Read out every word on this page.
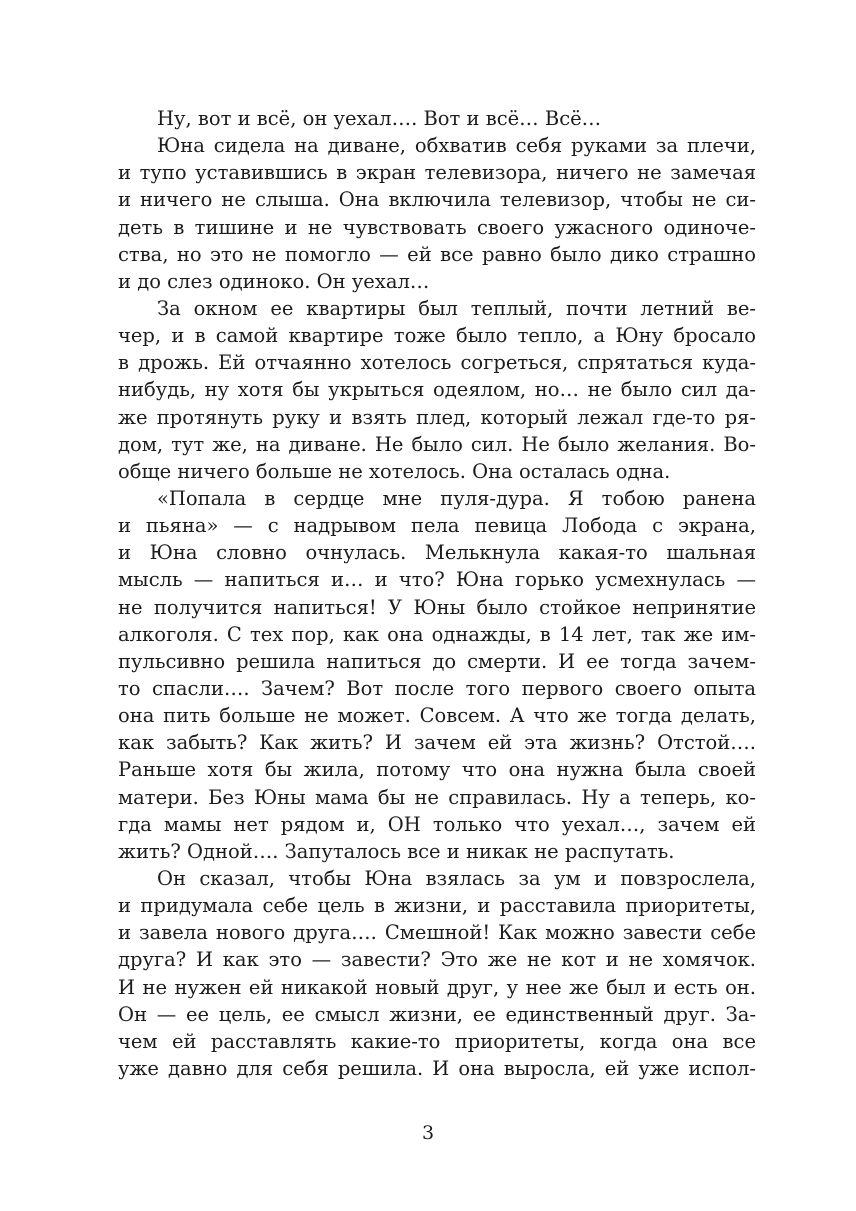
Ну, вот и всё, он уехал…. Вот и всё… Всё…
Юна сидела на диване, обхватив себя руками за плечи,
и тупо уставившись в экран телевизора, ничего не замечая
и ничего не слыша. Она включила телевизор, чтобы не си-
деть в тишине и не чувствовать своего ужасного одиноче-
ства, но это не помогло — ей все равно было дико страшно
и до слез одиноко. Он уехал…
За окном ее квартиры был теплый, почти летний ве-
чер, и в самой квартире тоже было тепло, а Юну бросало
в дрожь. Ей отчаянно хотелось согреться, спрятаться куда-
нибудь, ну хотя бы укрыться одеялом, но… не было сил да-
же протянуть руку и взять плед, который лежал где-то ря-
дом, тут же, на диване. Не было сил. Не было желания. Во-
обще ничего больше не хотелось. Она осталась одна.
«Попала в сердце мне пуля-дура. Я тобою ранена
и пьяна» — с надрывом пела певица Лобода с экрана,
и Юна словно очнулась. Мелькнула какая-то шальная
мысль — напиться и… и что? Юна горько усмехнулась —
не получится напиться! У Юны было стойкое непринятие
алкоголя. С тех пор, как она однажды, в 14 лет, так же им-
пульсивно решила напиться до смерти. И ее тогда зачем-
то спасли…. Зачем? Вот после того первого своего опыта
она пить больше не может. Совсем. А что же тогда делать,
как забыть? Как жить? И зачем ей эта жизнь? Отстой….
Раньше хотя бы жила, потому что она нужна была своей
матери. Без Юны мама бы не справилась. Ну а теперь, ко-
гда мамы нет рядом и, ОН только что уехал…, зачем ей
жить? Одной…. Запуталось все и никак не распутать.
Он сказал, чтобы Юна взялась за ум и повзрослела,
и придумала себе цель в жизни, и расставила приоритеты,
и завела нового друга…. Смешной! Как можно завести себе
друга? И как это — завести? Это же не кот и не хомячок.
И не нужен ей никакой новый друг, у нее же был и есть он.
Он — ее цель, ее смысл жизни, ее единственный друг. За-
чем ей расставлять какие-то приоритеты, когда она все
уже давно для себя решила. И она выросла, ей уже испол-
3
